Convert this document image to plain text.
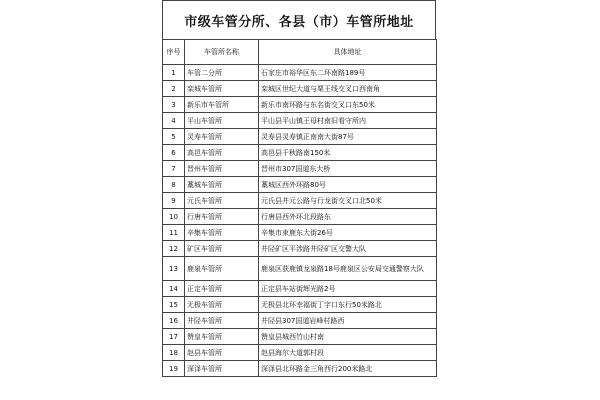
市级车管分所、各县（市）车管所地址
序号	车管所名称	具体地址
1	车管二分所	石家庄市裕华区东二环南路189号
2	栾城车管所	栾城区世纪大道与栗王线交叉口西南角
3	新乐市车管所	新乐市南环路与东名街交叉口东50米
4	平山车管所	平山县平山镇王母村南旧看守所内
5	灵寿车管所	灵寿县灵寿镇正南南大街87号
6	高邑车管所	高邑县千秋路南150米
7	晋州车管所	晋州市307国道东大桥
8	藁城车管所	藁城区西外环路80号
9	元氏车管所	元氏县井元公路与行龙街交叉口北50米
10	行唐车管所	行唐县西外环北段路东
11	辛集车管所	辛集市束鹿东大街26号
12	矿区车管所	井陉矿区平涉路井陉矿区交警大队
13	鹿泉车管所	鹿泉区获鹿镇龙泉路18号鹿泉区公安局交通警察大队
14	正定车管所	正定县车站街辉光路2号
15	无极车管所	无极县北环幸福街丁字口东行50米路北
16	井陉车管所	井陉县307国道岩峰村路西
17	赞皇车管所	赞皇县城西竹山村南
18	赵县车管所	赵县海尔大道郭村段
19	深泽车管所	深泽县北环路金三角西行200米路北
